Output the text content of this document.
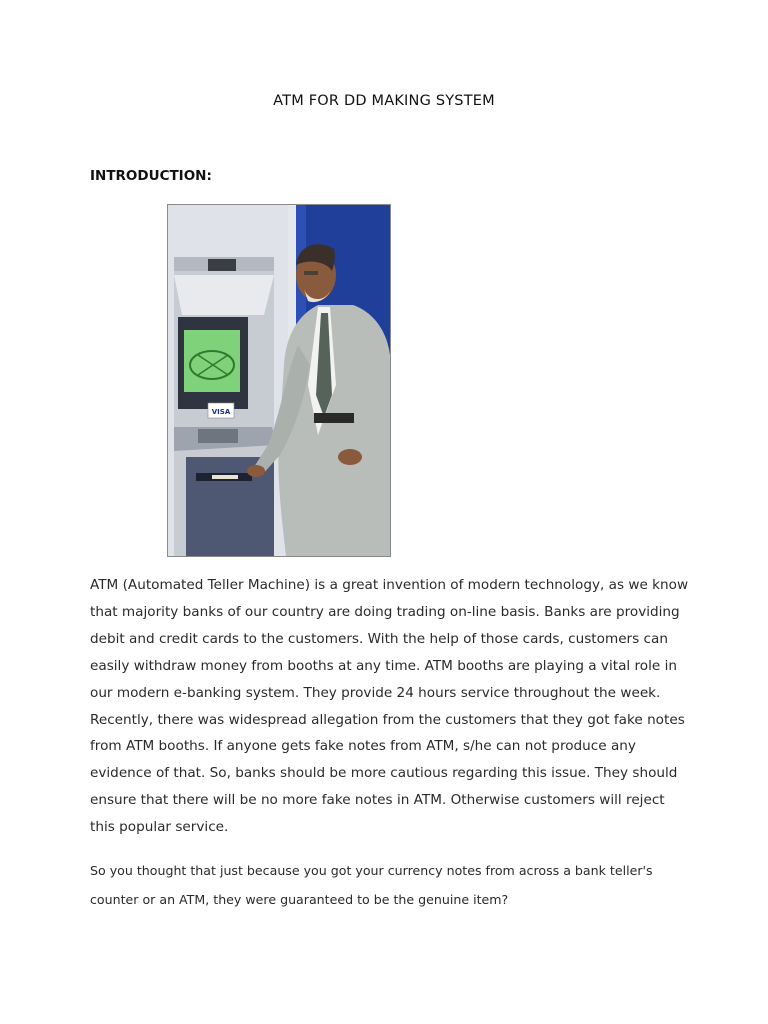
ATM FOR DD MAKING SYSTEM
INTRODUCTION:
VISA

ATM (Automated Teller Machine) is a great invention of modern technology, as we know that majority banks of our country are doing trading on-line basis. Banks are providing debit and credit cards to the customers. With the help of those cards, customers can easily withdraw money from booths at any time. ATM booths are playing a vital role in our modern e-banking system. They provide 24 hours service throughout the week. Recently, there was widespread allegation from the customers that they got fake notes from ATM booths. If anyone gets fake notes from ATM, s/he can not produce any evidence of that. So, banks should be more cautious regarding this issue. They should ensure that there will be no more fake notes in ATM. Otherwise customers will reject this popular service.

So you thought that just because you got your currency notes from across a bank teller's counter or an ATM, they were guaranteed to be the genuine item?
